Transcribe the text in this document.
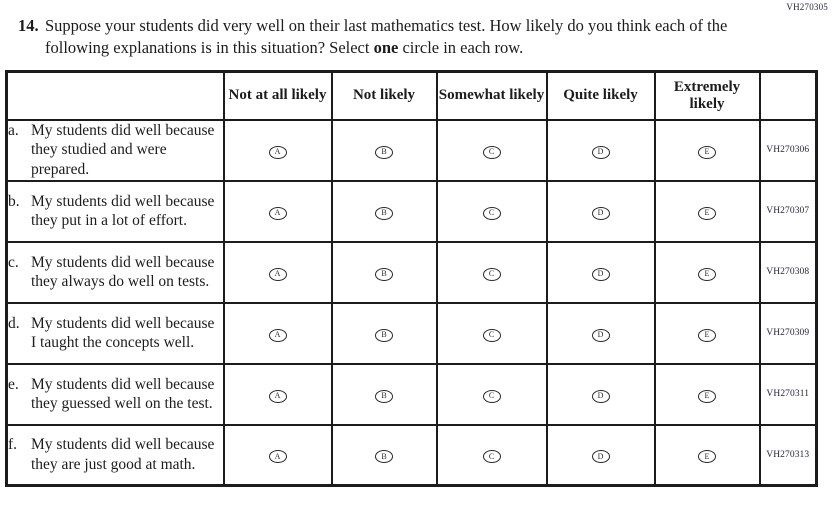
VH270305
14. Suppose your students did very well on their last mathematics test. How likely do you think each of the following explanations is in this situation? Select one circle in each row.

	Not at all likely	Not likely	Somewhat likely	Quite likely	Extremely likely	

a. My students did well because they studied and were prepared.	A	B	C	D	E	VH270306

b. My students did well because they put in a lot of effort.	A	B	C	D	E	VH270307

c. My students did well because they always do well on tests.	A	B	C	D	E	VH270308

d. My students did well because I taught the concepts well.	A	B	C	D	E	VH270309

e. My students did well because they guessed well on the test.	A	B	C	D	E	VH270311

f. My students did well because they are just good at math.	A	B	C	D	E	VH270313
